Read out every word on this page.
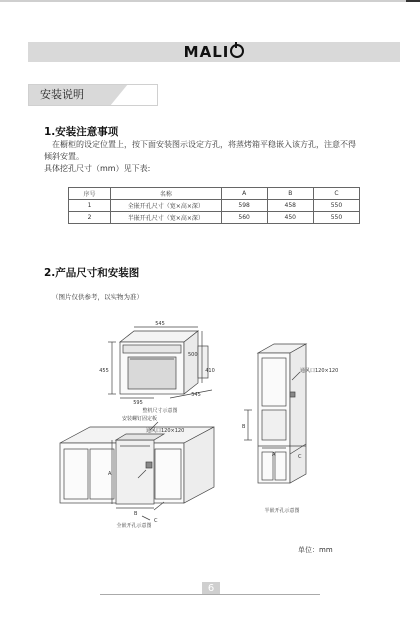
MALI
安装说明
1.安装注意事项
在橱柜的设定位置上，按下面安装图示设定方孔，将蒸烤箱平稳嵌入该方孔，注意不得
倾斜安置。
具体挖孔尺寸（mm）见下表:
序号	名称	A	B	C
1	全嵌开孔尺寸（宽×高×深）	598	458	550
2	半嵌开孔尺寸（宽×高×深）	560	450	550
2.产品尺寸和安装图
（图片仅供参考，以实物为准）
545
455	410
500
595
545
整机尺寸示意图
安装螺钉固定板
通风口120×120
全嵌开孔示意图
通风口120×120
半嵌开孔示意图
A
B
C
B
A	C
单位：mm
6
